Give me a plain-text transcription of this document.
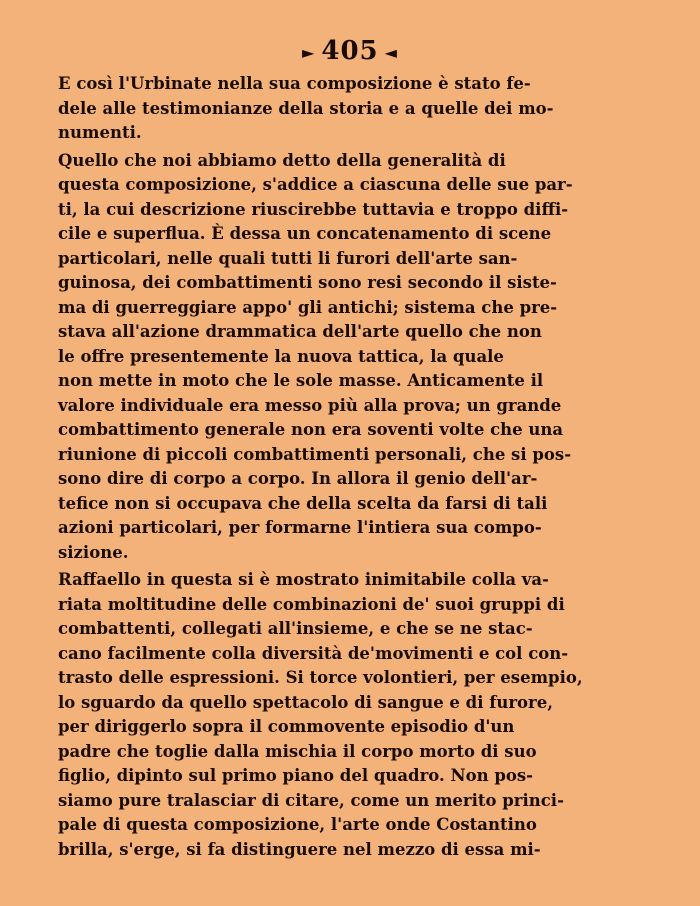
► 405 ◄
E così l'Urbinate nella sua composizione è stato fe-
dele alle testimonianze della storia e a quelle dei mo-
numenti.
Quello che noi abbiamo detto della generalità di
questa composizione, s'addice a ciascuna delle sue par-
ti, la cui descrizione riuscirebbe tuttavia e troppo diffi-
cile e superflua. È dessa un concatenamento di scene
particolari, nelle quali tutti li furori dell'arte san-
guinosa, dei combattimenti sono resi secondo il siste-
ma di guerreggiare appo' gli antichi; sistema che pre-
stava all'azione drammatica dell'arte quello che non
le offre presentemente la nuova tattica, la quale
non mette in moto che le sole masse. Anticamente il
valore individuale era messo più alla prova; un grande
combattimento generale non era soventi volte che una
riunione di piccoli combattimenti personali, che si pos-
sono dire di corpo a corpo. In allora il genio dell'ar-
tefice non si occupava che della scelta da farsi di tali
azioni particolari, per formarne l'intiera sua compo-
sizione.
Raffaello in questa si è mostrato inimitabile colla va-
riata moltitudine delle combinazioni de' suoi gruppi di
combattenti, collegati all'insieme, e che se ne stac-
cano facilmente colla diversità de'movimenti e col con-
trasto delle espressioni. Si torce volontieri, per esempio,
lo sguardo da quello spettacolo di sangue e di furore,
per diriggerlo sopra il commovente episodio d'un
padre che toglie dalla mischia il corpo morto di suo
figlio, dipinto sul primo piano del quadro. Non pos-
siamo pure tralasciar di citare, come un merito princi-
pale di questa composizione, l'arte onde Costantino
brilla, s'erge, si fa distinguere nel mezzo di essa mi-
